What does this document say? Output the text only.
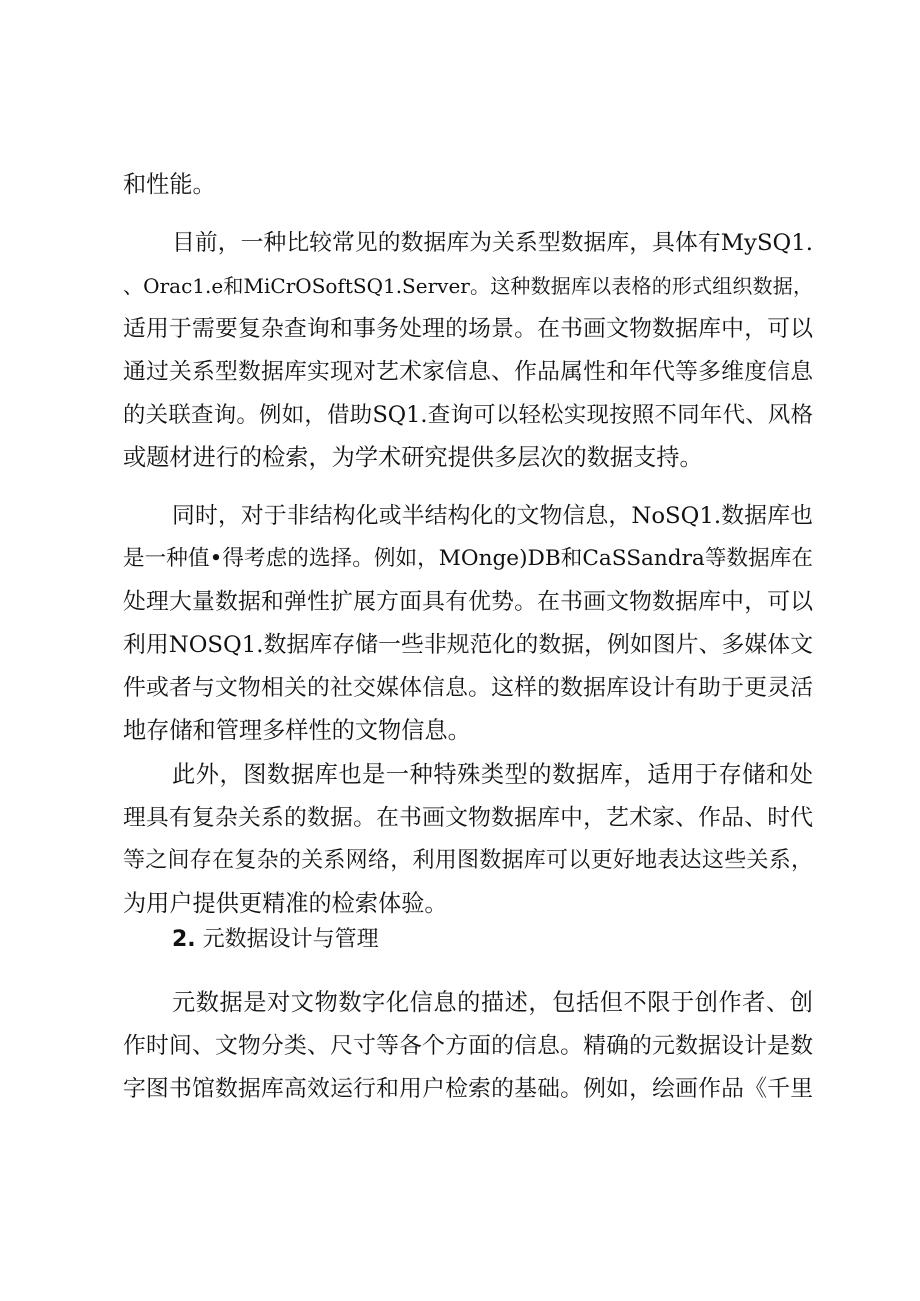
和性能。
目前，一种比较常见的数据库为关系型数据库，具体有MySQ1.
、Orac1.e和MiCrOSoftSQ1.Server。这种数据库以表格的形式组织数据，
适用于需要复杂查询和事务处理的场景。在书画文物数据库中，可以
通过关系型数据库实现对艺术家信息、作品属性和年代等多维度信息
的关联查询。例如，借助SQ1.查询可以轻松实现按照不同年代、风格
或题材进行的检索，为学术研究提供多层次的数据支持。
同时，对于非结构化或半结构化的文物信息，NoSQ1.数据库也
是一种值•得考虑的选择。例如，MOnge)DB和CaSSandra等数据库在
处理大量数据和弹性扩展方面具有优势。在书画文物数据库中，可以
利用NOSQ1.数据库存储一些非规范化的数据，例如图片、多媒体文
件或者与文物相关的社交媒体信息。这样的数据库设计有助于更灵活
地存储和管理多样性的文物信息。
此外，图数据库也是一种特殊类型的数据库，适用于存储和处
理具有复杂关系的数据。在书画文物数据库中，艺术家、作品、时代
等之间存在复杂的关系网络，利用图数据库可以更好地表达这些关系，
为用户提供更精准的检索体验。
2. 元数据设计与管理
元数据是对文物数字化信息的描述，包括但不限于创作者、创
作时间、文物分类、尺寸等各个方面的信息。精确的元数据设计是数
字图书馆数据库高效运行和用户检索的基础。例如，绘画作品《千里
